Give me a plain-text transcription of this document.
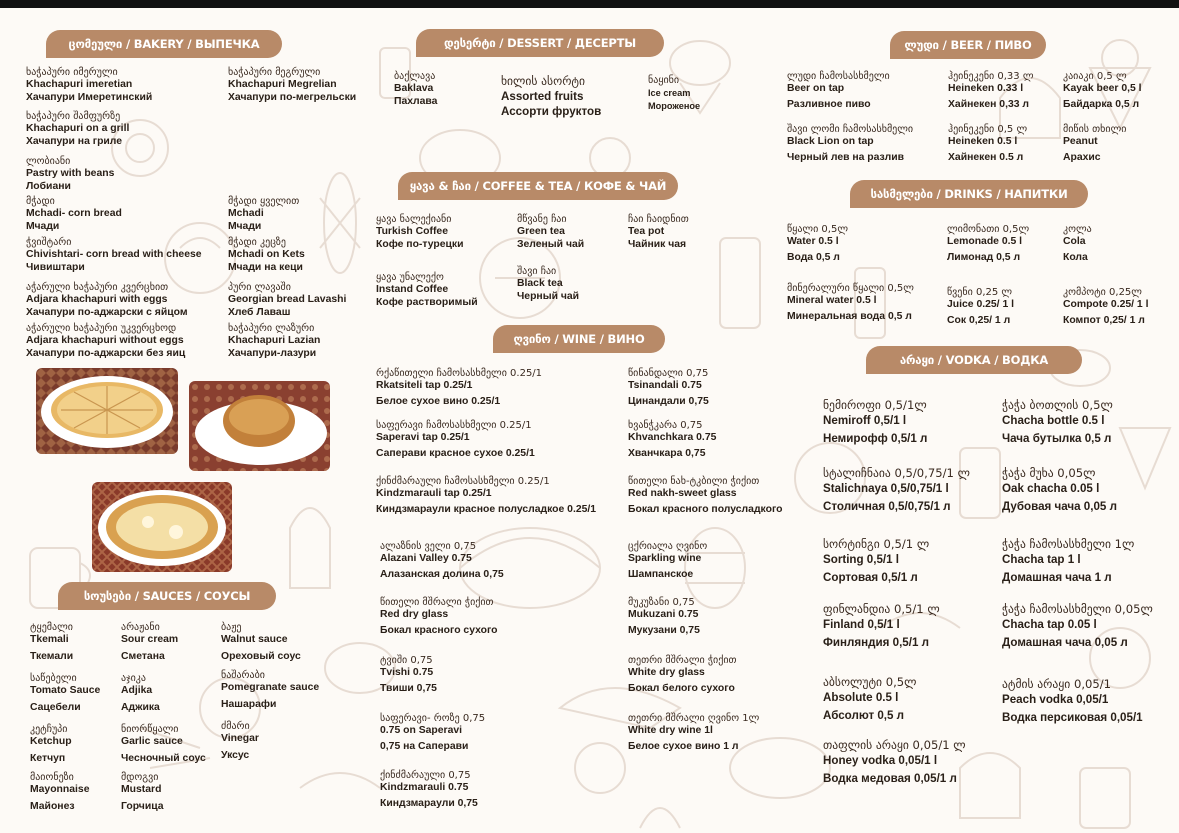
ცომეული / BAKERY / ВЫПЕЧКА	დესერტი / DESSERT / ДЕСЕРТЫ	ლუდი / BEER / ПИВО
ყავა & ჩაი / COFFEE & TEA / КОФЕ & ЧАЙ
სასმელები / DRINKS / НАПИТКИ
ღვინო / WINE / ВИНО
არაყი / VODKA / ВОДКА
სოუსები / SAUCES / СОУСЫ
ხაჭაპური იმერული
Khachapuri imeretian
Хачапури Имеретинский
ხაჭაპური მეგრული
Khachapuri Megrelian
Хачапури по-мегрельски
ხაჭაპური შამფურზე
Khachapuri on a grill
Хачапури на гриле
ლობიანი
Pastry with beans
Лобиани
მჭადი
Mchadi- corn bread
Мчади
მჭადი ყველით
Mchadi
Мчади
ჭვიშტარი
Chivishtari- corn bread with cheese
Чивиштари
მჭადი კეცზე
Mchadi on Kets
Мчади на кеци
აჭარული ხაჭაპური კვერცხით
Adjara khachapuri with eggs
Хачапури по-аджарски с яйцом
პური ლავაში
Georgian bread Lavashi
Хлеб Лаваш
აჭარული ხაჭაპური უკვერცხოდ
Adjara khachapuri without eggs
Хачапури по-аджарски без яиц
ხაჭაპური ლაზური
Khachapuri Lazian
Хачапури-лазури
ბაქლავა
Baklava
Пахлава
ხილის ასორტი
Assorted fruits
Ассорти фруктов
ნაყინი
Ice cream
Мороженое
ლუდი ჩამოსასხმელი
Beer on tap
Разливное пиво
ჰეინეკენი 0,33 ლ
Heineken 0.33 l
Хайнекен 0,33 л
კაიაკი 0,5 ლ
Kayak beer 0,5 l
Байдарка 0,5 л
შავი ლომი ჩამოსასხმელი
Black Lion on tap
Черный лев на разлив
ჰეინეკენი 0,5 ლ
Heineken 0.5 l
Хайнекен 0.5 л
მიწის თხილი
Peanut
Арахис
ყავა ნალექიანი
Turkish Coffee
Кофе по-турецки
მწვანე ჩაი
Green tea
Зеленый чай
ჩაი ჩაიდნით
Tea pot
Чайник чая
ყავა უნალექო
Instand Coffee
Кофе растворимый
შავი ჩაი
Black tea
Черный чай
წყალი 0,5ლ
Water 0.5 l
Вода 0,5 л
ლიმონათი 0,5ლ
Lemonade 0.5 l
Лимонад 0,5 л
კოლა
Cola
Кола
მინერალური წყალი 0,5ლ
Mineral water 0.5 l
Минеральная вода 0,5 л
წვენი 0,25 ლ
Juice 0.25/ 1 l
Сок 0,25/ 1 л
კომპოტი 0,25ლ
Compote 0.25/ 1 l
Компот 0,25/ 1 л
რქაწითელი ჩამოსასხმელი 0.25/1
Rkatsiteli tap 0.25/1
Белое сухое вино 0.25/1
წინანდალი 0,75
Tsinandali 0.75
Цинандали 0,75
საფერავი ჩამოსასხმელი 0.25/1
Saperavi tap 0.25/1
Саперави красное сухое 0.25/1
ხვანჭკარა 0,75
Khvanchkara 0.75
Хванчкара 0,75
ქინძმარაული ჩამოსასხმელი 0.25/1
Kindzmarauli tap 0.25/1
Киндзмараули красное полусладкое 0.25/1
წითელი ნახ-ტკბილი ჭიქით
Red nakh-sweet glass
Бокал красного полусладкого
ალაზნის ველი 0,75
Alazani Valley 0.75
Алазанская долина 0,75
ცქრიალა ღვინო
Sparkling wine
Шампанское
წითელი მშრალი ჭიქით
Red dry glass
Бокал красного сухого
მუკუზანი 0,75
Mukuzani 0.75
Мукузани 0,75
ტვიში 0,75
Tvishi 0.75
Твиши 0,75
თეთრი მშრალი ჭიქით
White dry glass
Бокал белого сухого
საფერავი- როზე 0,75
0.75 on Saperavi
0,75 на Саперави
თეთრი მშრალი ღვინო 1ლ
White dry wine 1l
Белое сухое вино 1 л
ქინძმარაული 0,75
Kindzmarauli 0.75
Киндзмараули 0,75
ნემიროფი 0,5/1ლ
Nemiroff 0,5/1 l
Немирофф 0,5/1 л
ჭაჭა ბოთლის 0,5ლ
Chacha bottle 0.5 l
Чача бутылка 0,5 л
სტალიჩნაია 0,5/0,75/1 ლ
Stalichnaya 0,5/0,75/1 l
Столичная 0,5/0,75/1 л
ჭაჭა მუხა 0,05ლ
Oak chacha 0.05 l
Дубовая чача 0,05 л
სორტინგი 0,5/1 ლ
Sorting 0,5/1 l
Сортовая 0,5/1 л
ჭაჭა ჩამოსასხმელი 1ლ
Chacha tap 1 l
Домашная чача 1 л
ფინლანდია 0,5/1 ლ
Finland 0,5/1 l
Финляндия 0,5/1 л
ჭაჭა ჩამოსასხმელი 0,05ლ
Chacha tap 0.05 l
Домашная чача 0,05 л
აბსოლუტი 0,5ლ
Absolute 0.5 l
Абсолют 0,5 л
ატმის არაყი 0,05/1
Peach vodka 0,05/1
Водка персиковая 0,05/1
თაფლის არაყი 0,05/1 ლ
Honey vodka 0,05/1 l
Водка медовая 0,05/1 л
ტყემალი
Tkemali
Ткемали
არაჟანი
Sour cream
Сметана
ბაჟე
Walnut sauce
Ореховый соус
საწებელი
Tomato Sauce
Сацебели
აჯიკა
Adjika
Аджика
ნაშარაბი
Pomegranate sauce
Нашарафи
კეტჩუპი
Ketchup
Кетчуп
ნიორწყალი
Garlic sauce
Чесночный соус
ძმარი
Vinegar
Уксус
მაიონეზი
Mayonnaise
Майонез
მდოგვი
Mustard
Горчица
